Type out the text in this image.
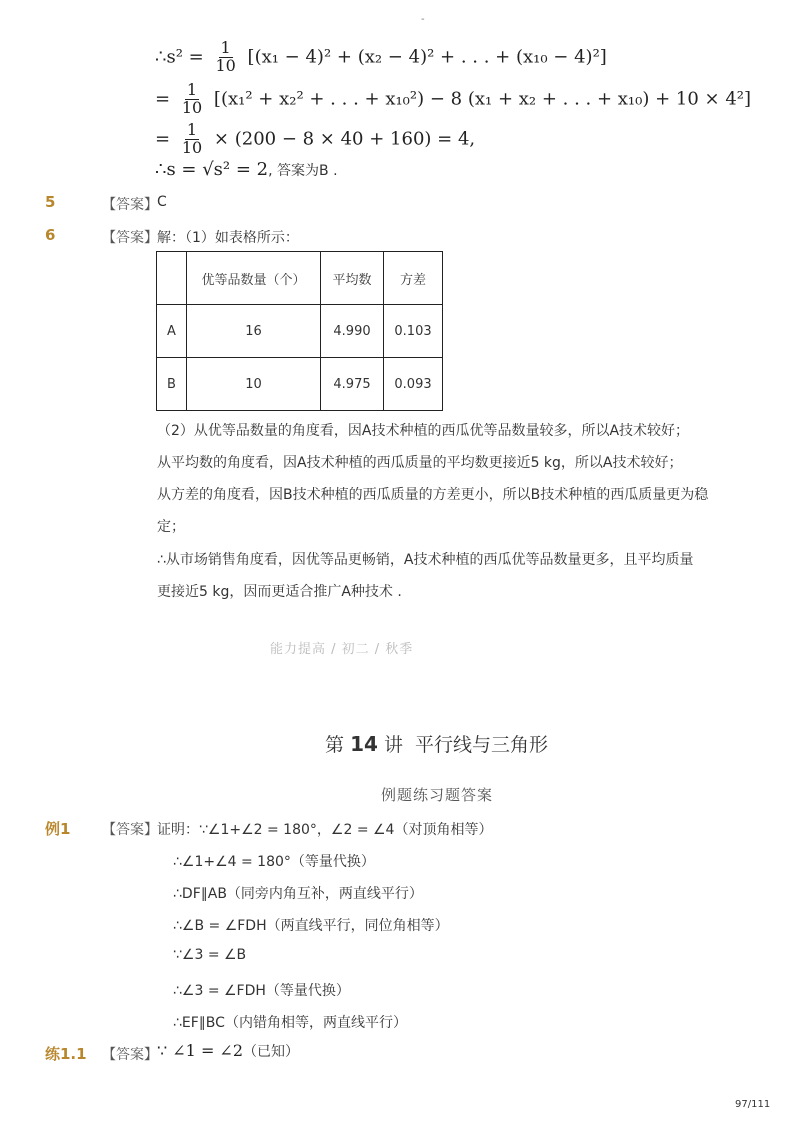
-
∴s² = $\frac{1}{10} [(x_1 - 4)^2 + (x_2 - 4)^2$ + . . . + (x₁₀ − 4)²]
= $\frac{1}{10} [(x_1^2 + x_2^2$ + . . . + x₁₀²) − 8 (x₁ + x₂ + . . . + x₁₀) + 10 × 4²]
= $\frac{1}{10} \times (200 - 8 \times 40 + 160) = 4$,
∴s = √s² = 2, 答案为B .
5	【答案】 C
6	【答案】 解：（1）如表格所示：
	优等品数量（个）	平均数	方差
A	16	4.990	0.103
B	10	4.975	0.093
（2）从优等品数量的角度看，因A技术种植的西瓜优等品数量较多，所以A技术较好；
从平均数的角度看，因A技术种植的西瓜质量的平均数更接近5 kg，所以A技术较好；
从方差的角度看，因B技术种植的西瓜质量的方差更小，所以B技术种植的西瓜质量更为稳
定；
∴从市场销售角度看，因优等品更畅销，A技术种植的西瓜优等品数量更多，且平均质量
更接近5 kg，因而更适合推广A种技术 .
能力提高 / 初二 / 秋季
第 14 讲 平行线与三角形
例题练习题答案
例1 【答案】 证明：∵∠1+∠2 = 180°，∠2 = ∠4（对顶角相等）
∴∠1+∠4 = 180°（等量代换）
∴DF∥AB（同旁内角互补，两直线平行）
∴∠B = ∠FDH（两直线平行，同位角相等）
∵∠3 = ∠B
∴∠3 = ∠FDH（等量代换）
∴EF∥BC（内错角相等，两直线平行）
练1.1 【答案】 ∵ ∠1 = ∠2（已知）
97/111
